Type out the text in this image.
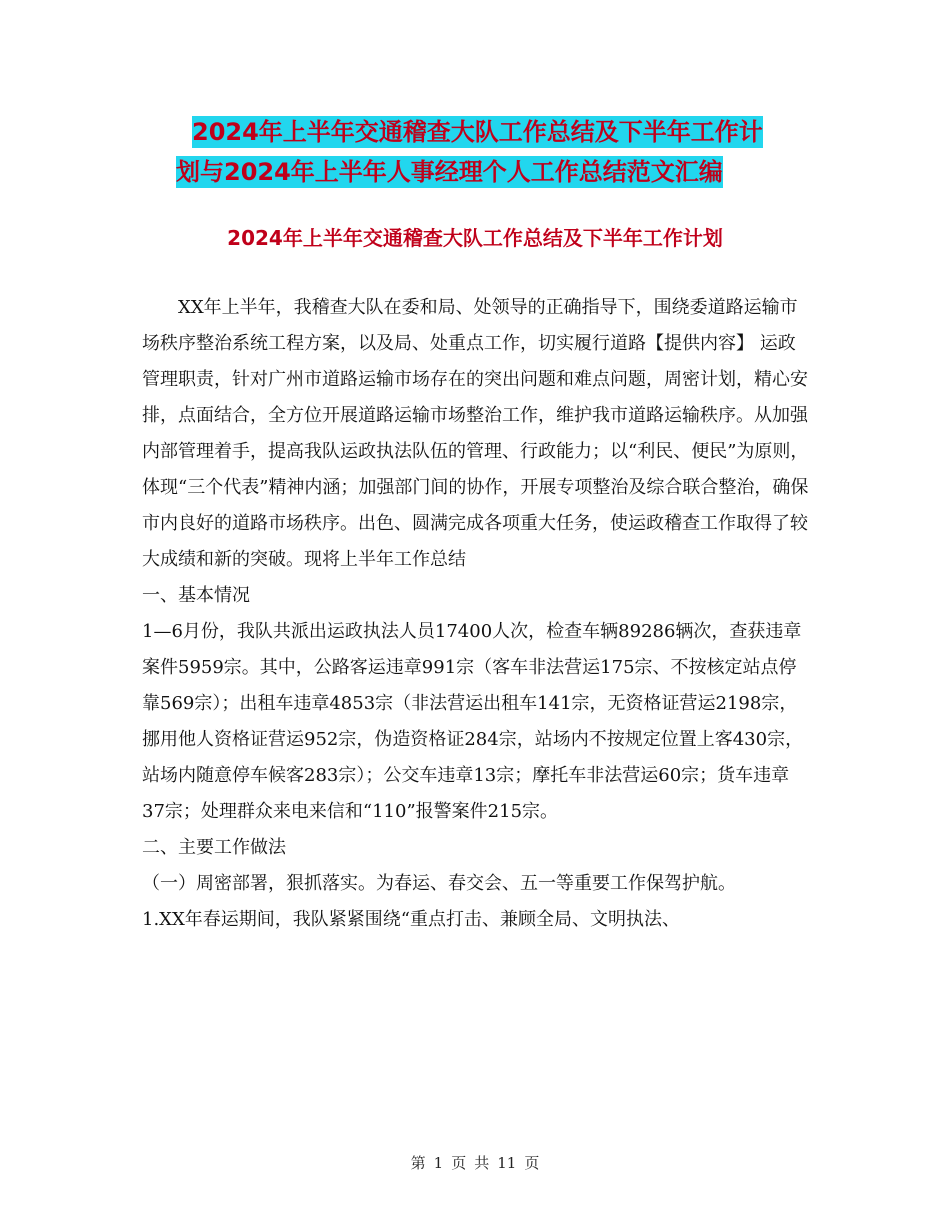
2024年上半年交通稽查大队工作总结及下半年工作计
划与2024年上半年人事经理个人工作总结范文汇编
2024年上半年交通稽查大队工作总结及下半年工作计划

XX年上半年，我稽查大队在委和局、处领导的正确指导下，围绕委道路运输市场秩序整治系统工程方案，以及局、处重点工作，切实履行道路【提供内容】 运政管理职责，针对广州市道路运输市场存在的突出问题和难点问题，周密计划，精心安排，点面结合，全方位开展道路运输市场整治工作，维护我市道路运输秩序。从加强内部管理着手，提高我队运政执法队伍的管理、行政能力；以“利民、便民”为原则，体现“三个代表”精神内涵；加强部门间的协作，开展专项整治及综合联合整治，确保市内良好的道路市场秩序。出色、圆满完成各项重大任务，使运政稽查工作取得了较大成绩和新的突破。现将上半年工作总结

一、基本情况

1—6月份，我队共派出运政执法人员17400人次，检查车辆89286辆次，查获违章案件5959宗。其中，公路客运违章991宗（客车非法营运175宗、不按核定站点停靠569宗）；出租车违章4853宗（非法营运出租车141宗，无资格证营运2198宗，挪用他人资格证营运952宗，伪造资格证284宗，站场内不按规定位置上客430宗，站场内随意停车候客283宗）；公交车违章13宗；摩托车非法营运60宗；货车违章37宗；处理群众来电来信和“110”报警案件215宗。

二、主要工作做法

（一）周密部署，狠抓落实。为春运、春交会、五一等重要工作保驾护航。

1.XX年春运期间，我队紧紧围绕“重点打击、兼顾全局、文明执法、

第 1 页 共 11 页
